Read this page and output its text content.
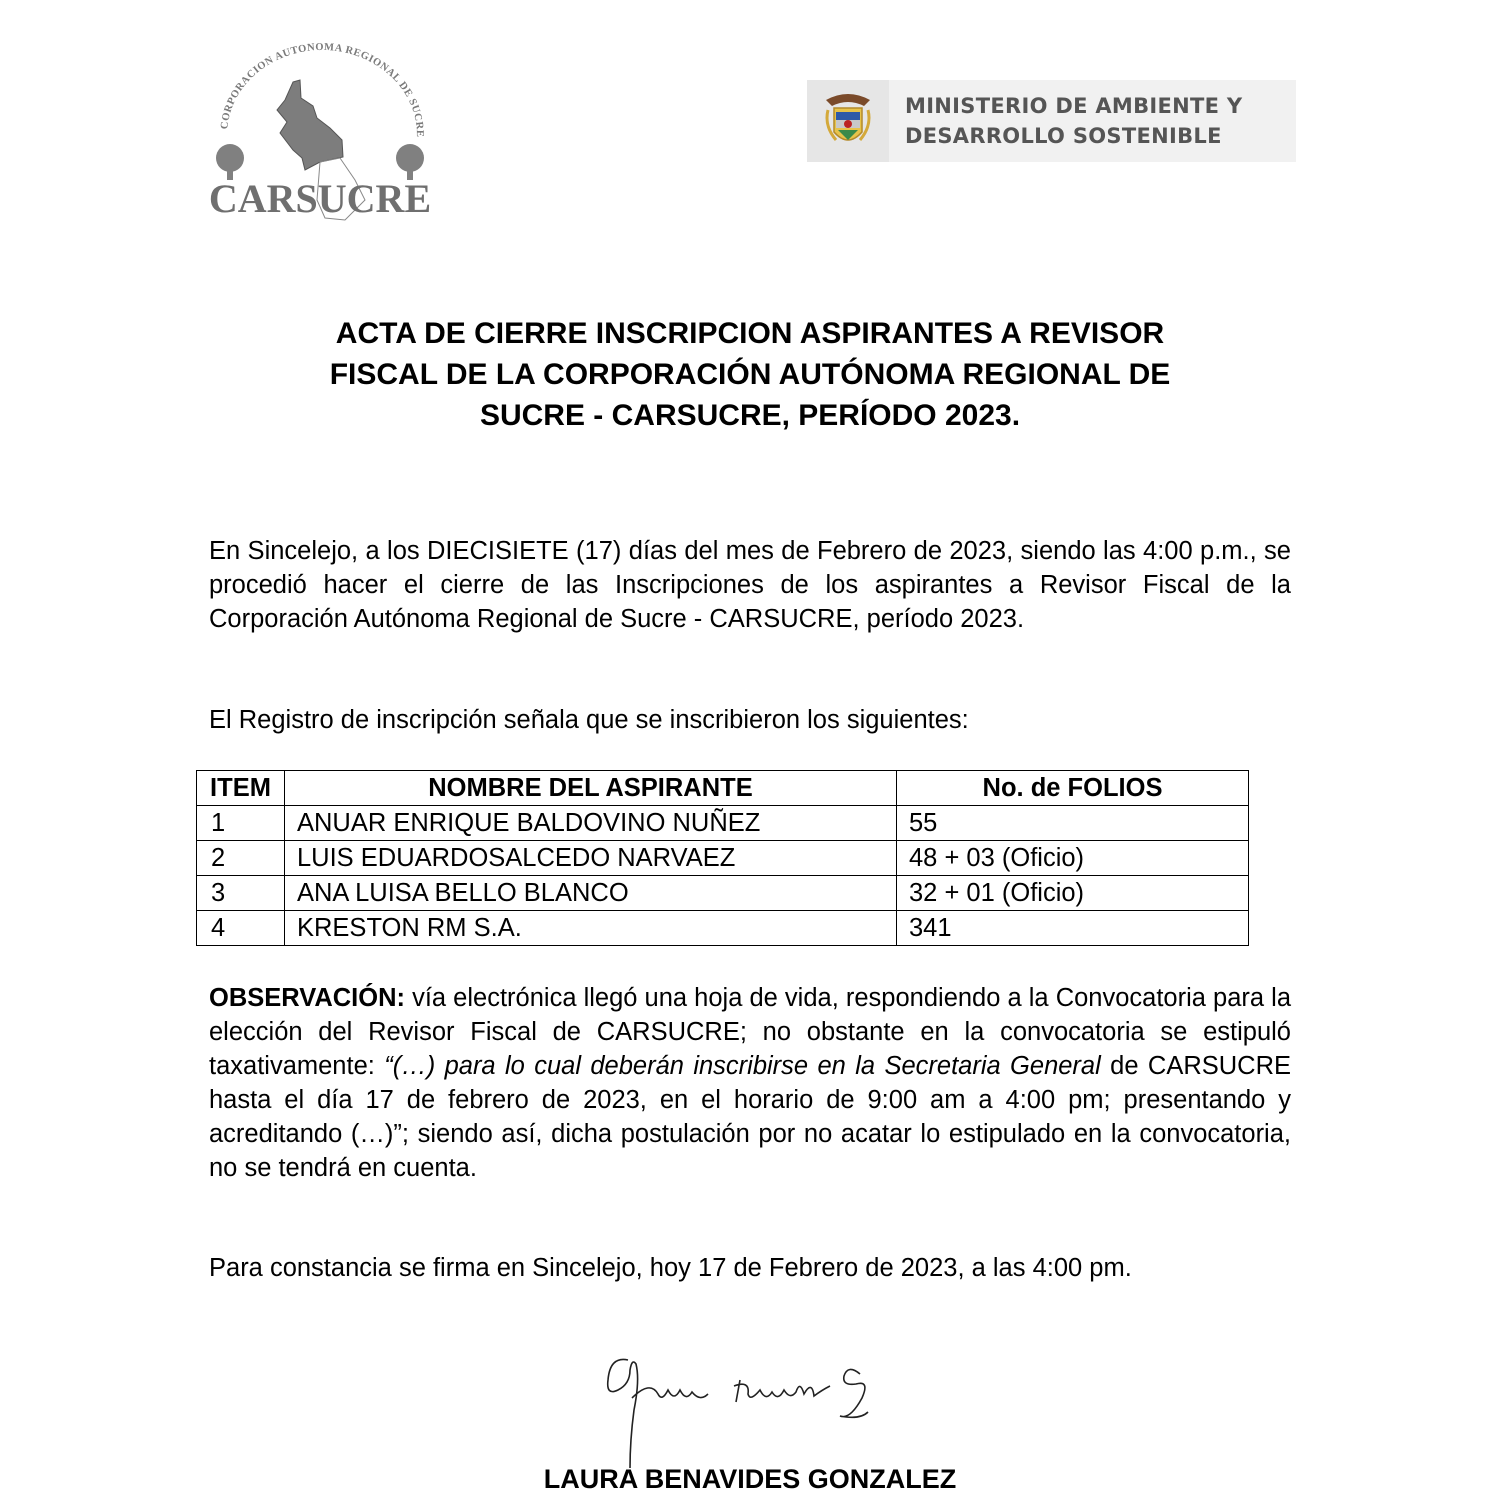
CORPORACION AUTONOMA REGIONAL DE SUCRE
CARSUCRE
MINISTERIO DE AMBIENTE Y
DESARROLLO SOSTENIBLE
ACTA DE CIERRE INSCRIPCION ASPIRANTES A REVISOR
FISCAL DE LA CORPORACIÓN AUTÓNOMA REGIONAL DE
SUCRE - CARSUCRE, PERÍODO 2023.
En Sincelejo, a los DIECISIETE (17) días del mes de Febrero de 2023, siendo las 4:00 p.m., se procedió hacer el cierre de las Inscripciones de los aspirantes a Revisor Fiscal de la Corporación Autónoma Regional de Sucre - CARSUCRE, período 2023.
El Registro de inscripción señala que se inscribieron los siguientes:
ITEM	NOMBRE DEL ASPIRANTE	No. de FOLIOS
1	ANUAR ENRIQUE BALDOVINO NUÑEZ	55
2	LUIS EDUARDOSALCEDO NARVAEZ	48 + 03 (Oficio)
3	ANA LUISA BELLO BLANCO	32 + 01 (Oficio)
4	KRESTON RM S.A.	341
OBSERVACIÓN: vía electrónica llegó una hoja de vida, respondiendo a la Convocatoria para la elección del Revisor Fiscal de CARSUCRE; no obstante en la convocatoria se estipuló taxativamente: “(…) para lo cual deberán inscribirse en la Secretaria General de CARSUCRE hasta el día 17 de febrero de 2023, en el horario de 9:00 am a 4:00 pm; presentando y acreditando (…)”; siendo así, dicha postulación por no acatar lo estipulado en la convocatoria, no se tendrá en cuenta.
Para constancia se firma en Sincelejo, hoy 17 de Febrero de 2023, a las 4:00 pm.
LAURA BENAVIDES GONZALEZ
